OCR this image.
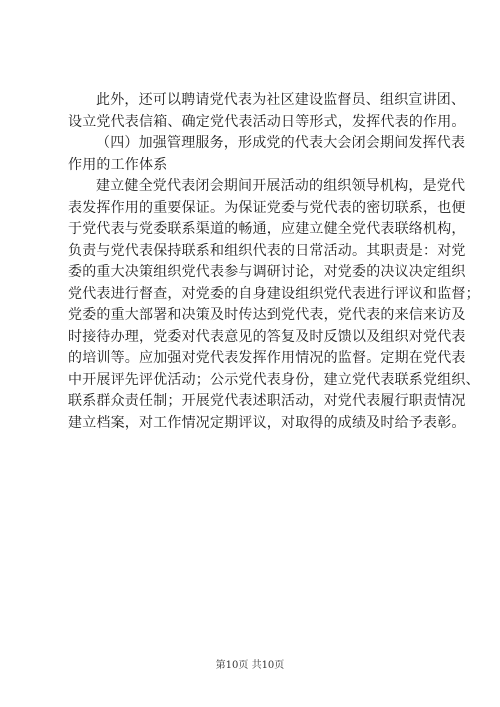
此外，还可以聘请党代表为社区建设监督员、组织宣讲团、
设立党代表信箱、确定党代表活动日等形式，发挥代表的作用。
（四）加强管理服务，形成党的代表大会闭会期间发挥代表
作用的工作体系
建立健全党代表闭会期间开展活动的组织领导机构，是党代
表发挥作用的重要保证。为保证党委与党代表的密切联系，也便
于党代表与党委联系渠道的畅通，应建立健全党代表联络机构，
负责与党代表保持联系和组织代表的日常活动。其职责是：对党
委的重大决策组织党代表参与调研讨论，对党委的决议决定组织
党代表进行督查，对党委的自身建设组织党代表进行评议和监督；
党委的重大部署和决策及时传达到党代表，党代表的来信来访及
时接待办理，党委对代表意见的答复及时反馈以及组织对党代表
的培训等。应加强对党代表发挥作用情况的监督。定期在党代表
中开展评先评优活动；公示党代表身份，建立党代表联系党组织、
联系群众责任制；开展党代表述职活动，对党代表履行职责情况
建立档案，对工作情况定期评议，对取得的成绩及时给予表彰。
第10页 共10页
